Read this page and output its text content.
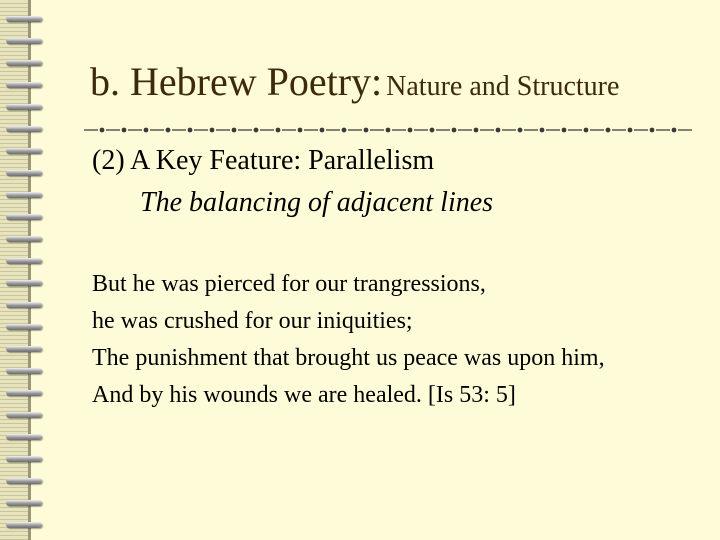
b. Hebrew Poetry: Nature and Structure
(2) A Key Feature: Parallelism
The balancing of adjacent lines
But he was pierced for our trangressions,
he was crushed for our iniquities;
The punishment that brought us peace was upon him,
And by his wounds we are healed. [Is 53: 5]
